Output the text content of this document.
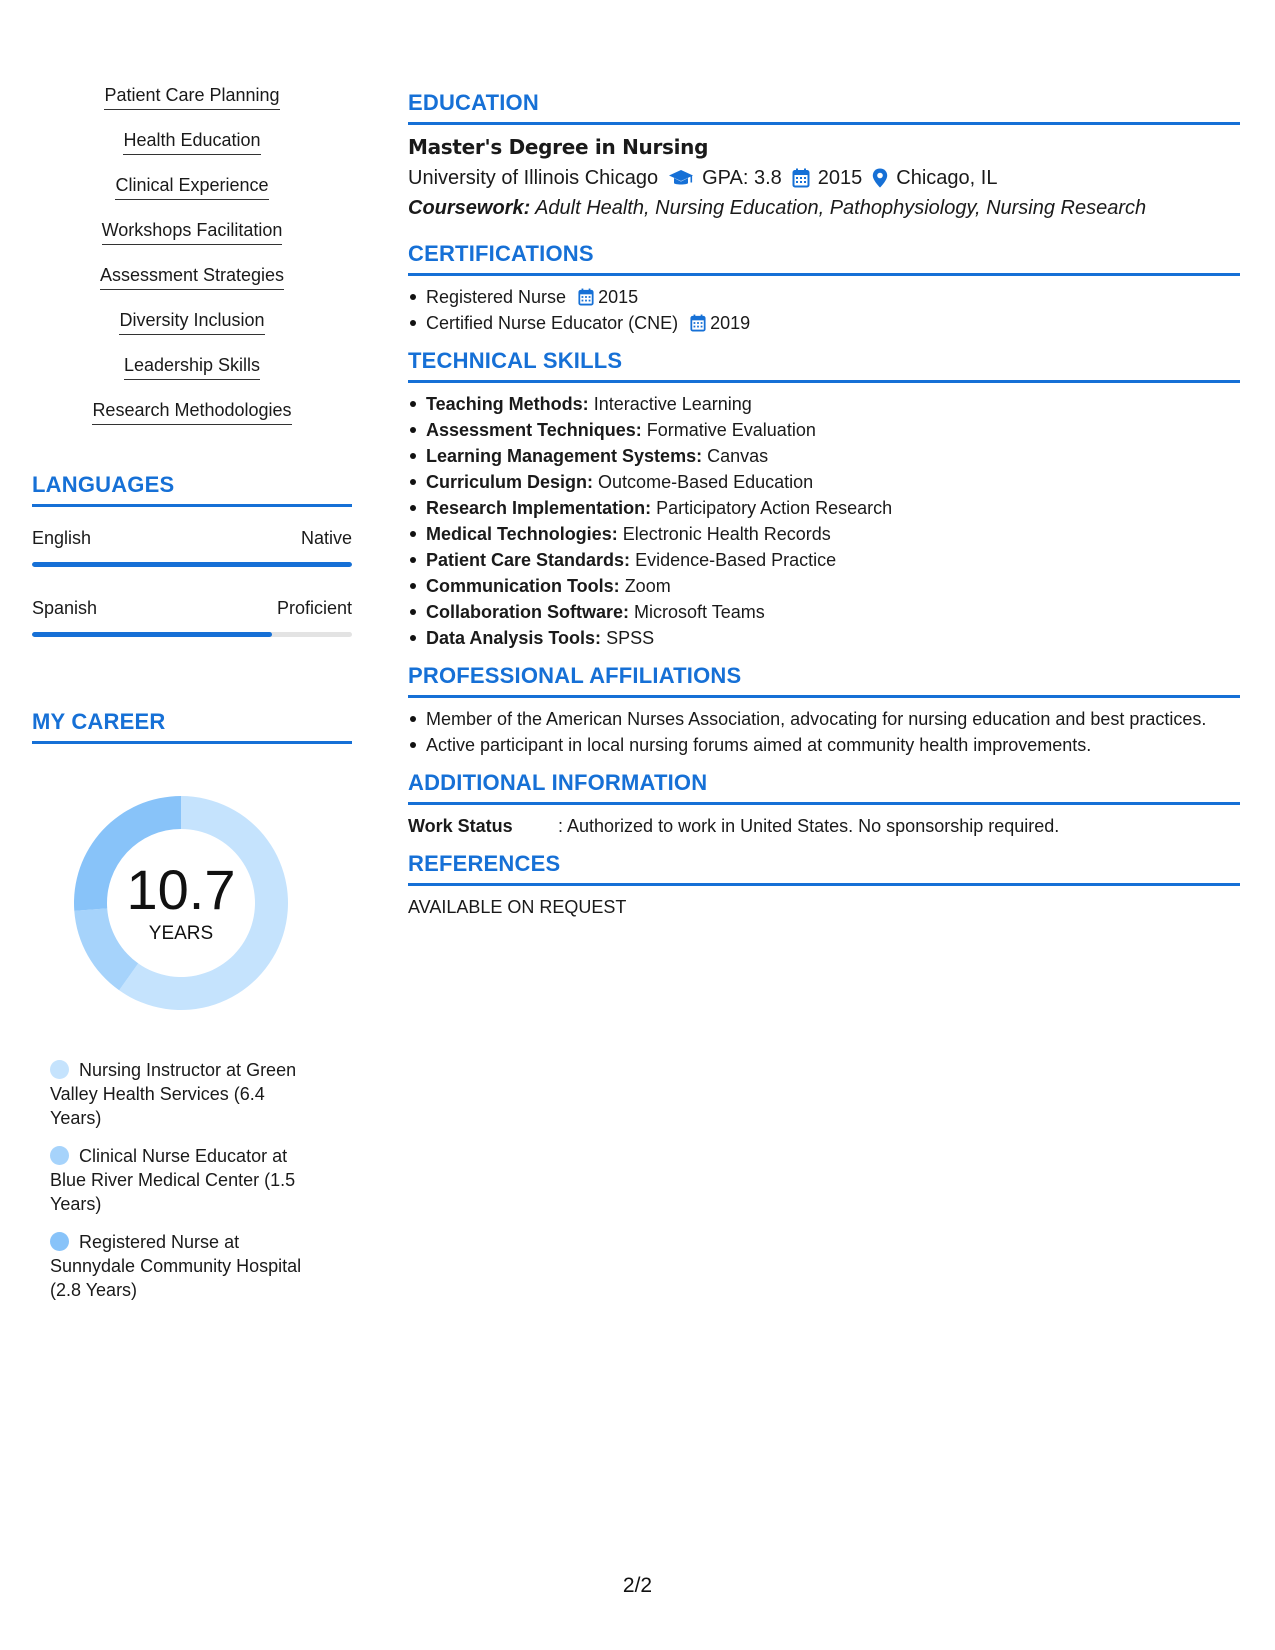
Patient Care Planning
Health Education
Clinical Experience
Workshops Facilitation
Assessment Strategies
Diversity Inclusion
Leadership Skills
Research Methodologies
LANGUAGES
English	Native
Spanish	Proficient
MY CAREER
10.7
YEARS
Nursing Instructor at Green Valley Health Services (6.4 Years)
Clinical Nurse Educator at Blue River Medical Center (1.5 Years)
Registered Nurse at Sunnydale Community Hospital (2.8 Years)
EDUCATION
Master's Degree in Nursing
University of Illinois Chicago GPA: 3.8 2015 Chicago, IL
Coursework: Adult Health, Nursing Education, Pathophysiology, Nursing Research
CERTIFICATIONS
Registered Nurse 2015
Certified Nurse Educator (CNE) 2019
TECHNICAL SKILLS
Teaching Methods: Interactive Learning
Assessment Techniques: Formative Evaluation
Learning Management Systems: Canvas
Curriculum Design: Outcome-Based Education
Research Implementation: Participatory Action Research
Medical Technologies: Electronic Health Records
Patient Care Standards: Evidence-Based Practice
Communication Tools: Zoom
Collaboration Software: Microsoft Teams
Data Analysis Tools: SPSS
PROFESSIONAL AFFILIATIONS
Member of the American Nurses Association, advocating for nursing education and best practices.
Active participant in local nursing forums aimed at community health improvements.
ADDITIONAL INFORMATION
Work Status	: Authorized to work in United States. No sponsorship required.
REFERENCES
AVAILABLE ON REQUEST
2/2
